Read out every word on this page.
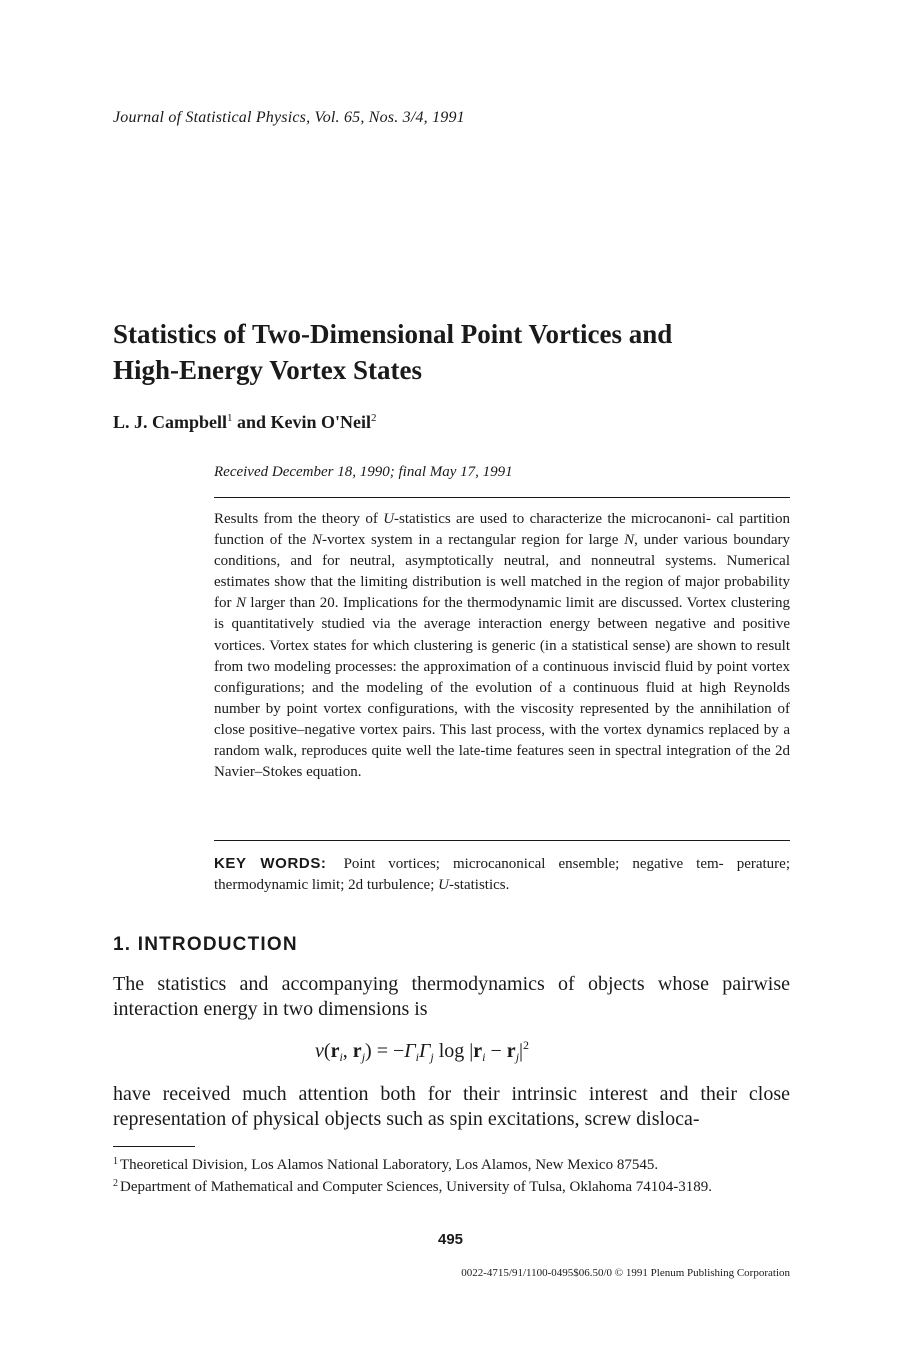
Journal of Statistical Physics, Vol. 65, Nos. 3/4, 1991
Statistics of Two-Dimensional Point Vortices and
High-Energy Vortex States
L. J. Campbell$^1$ and Kevin O'Neil$^2$
Received December 18, 1990; final May 17, 1991
Results from the theory of U-statistics are used to characterize the microcanoni- cal partition function of the N-vortex system in a rectangular region for large N, under various boundary conditions, and for neutral, asymptotically neutral, and nonneutral systems. Numerical estimates show that the limiting distribution is well matched in the region of major probability for N larger than 20. Implications for the thermodynamic limit are discussed. Vortex clustering is quantitatively studied via the average interaction energy between negative and positive vortices. Vortex states for which clustering is generic (in a statistical sense) are shown to result from two modeling processes: the approximation of a continuous inviscid fluid by point vortex configurations; and the modeling of the evolution of a continuous fluid at high Reynolds number by point vortex configurations, with the viscosity represented by the annihilation of close positive–negative vortex pairs. This last process, with the vortex dynamics replaced by a random walk, reproduces quite well the late-time features seen in spectral integration of the 2d Navier–Stokes equation.
KEY WORDS: Point vortices; microcanonical ensemble; negative tem- perature; thermodynamic limit; 2d turbulence; U-statistics.
1. INTRODUCTION
The statistics and accompanying thermodynamics of objects whose pairwise interaction energy in two dimensions is
$v(r_i$, $r_j) = -\Gamma_i\Gamma_j$ $\log |r_i - r_j|^2$
have received much attention both for their intrinsic interest and their close representation of physical objects such as spin excitations, screw disloca-
$^1$ Theoretical Division, Los Alamos National Laboratory, Los Alamos, New Mexico 87545.
$^2$ Department of Mathematical and Computer Sciences, University of Tulsa, Oklahoma 74104-3189.
495
0022-4715/91/1100-0495$06.50/0 © 1991 Plenum Publishing Corporation
